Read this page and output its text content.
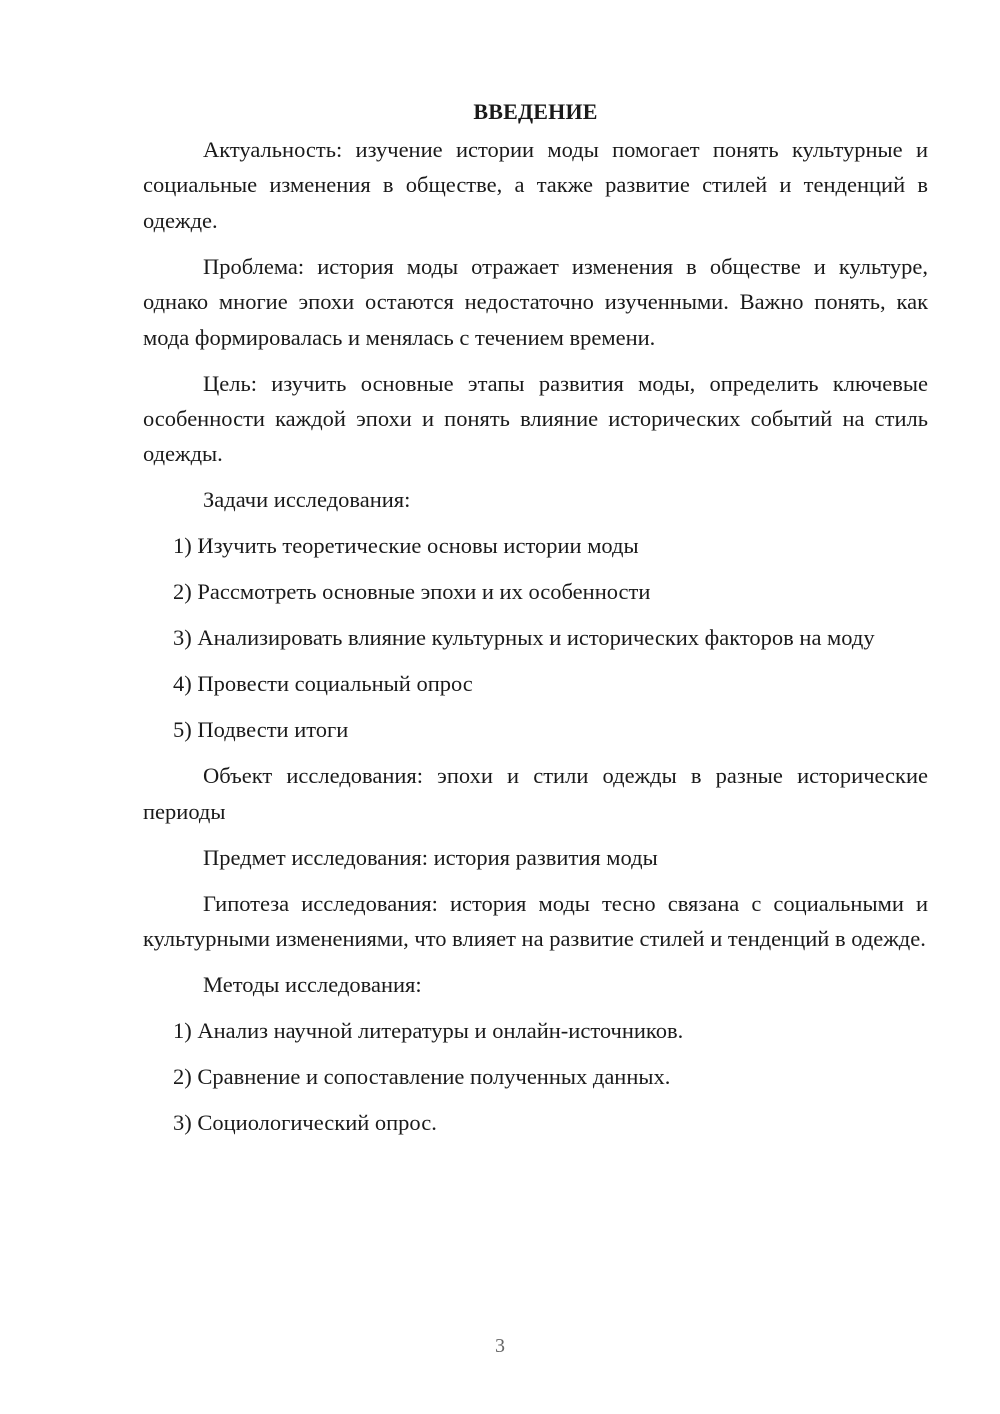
ВВЕДЕНИЕ

Актуальность: изучение истории моды помогает понять культурные и социальные изменения в обществе, а также развитие стилей и тенденций в одежде.

Проблема: история моды отражает изменения в обществе и культуре, однако многие эпохи остаются недостаточно изученными. Важно понять, как мода формировалась и менялась с течением времени.

Цель: изучить основные этапы развития моды, определить ключевые особенности каждой эпохи и понять влияние исторических событий на стиль одежды.

Задачи исследования:

1) Изучить теоретические основы истории моды

2) Рассмотреть основные эпохи и их особенности

3) Анализировать влияние культурных и исторических факторов на моду

4) Провести социальный опрос

5) Подвести итоги

Объект исследования: эпохи и стили одежды в разные исторические периоды

Предмет исследования: история развития моды

Гипотеза исследования: история моды тесно связана с социальными и культурными изменениями, что влияет на развитие стилей и тенденций в одежде.

Методы исследования:

1) Анализ научной литературы и онлайн-источников.

2) Сравнение и сопоставление полученных данных.

3) Социологический опрос.

3
